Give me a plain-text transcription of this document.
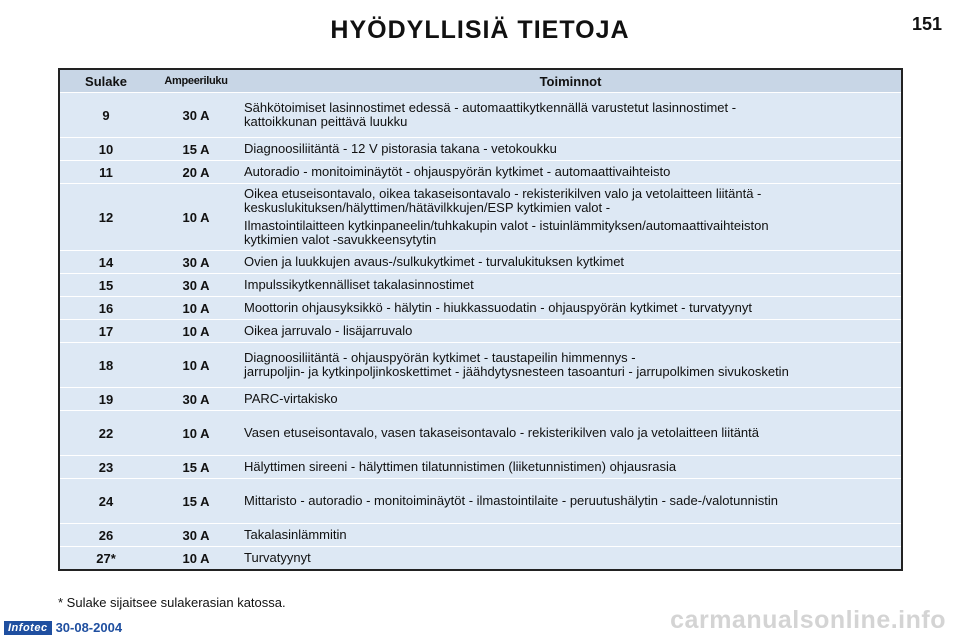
HYÖDYLLISIÄ TIETOJA	151
Sulake	Ampeeriluku	Toiminnot
9	30 A	Sähkötoimiset lasinnostimet edessä - automaattikytkennällä varustetut lasinnostimet -
kattoikkunan peittävä luukku

10	15 A	Diagnoosiliitäntä - 12 V pistorasia takana - vetokoukku

11	20 A	Autoradio - monitoiminäytöt - ohjauspyörän kytkimet - automaattivaihteisto

12	10 A	Oikea etuseisontavalo, oikea takaseisontavalo - rekisterikilven valo ja vetolaitteen liitäntä -
keskuslukituksen/hälyttimen/hätävilkkujen/ESP kytkimien valot -
Ilmastointilaitteen kytkinpaneelin/tuhkakupin valot - istuinlämmityksen/automaattivaihteiston
kytkimien valot -savukkeensytytin

14	30 A	Ovien ja luukkujen avaus-/sulkukytkimet - turvalukituksen kytkimet

15	30 A	Impulssikytkennälliset takalasinnostimet

16	10 A	Moottorin ohjausyksikkö - hälytin - hiukkassuodatin - ohjauspyörän kytkimet - turvatyynyt

17	10 A	Oikea jarruvalo - lisäjarruvalo

18	10 A	Diagnoosiliitäntä - ohjauspyörän kytkimet - taustapeilin himmennys -
jarrupoljin- ja kytkinpoljinkoskettimet - jäähdytysnesteen tasoanturi - jarrupolkimen sivukosketin

19	30 A	PARC-virtakisko

22	10 A	Vasen etuseisontavalo, vasen takaseisontavalo - rekisterikilven valo ja vetolaitteen liitäntä

23	15 A	Hälyttimen sireeni - hälyttimen tilatunnistimen (liiketunnistimen) ohjausrasia

24	15 A	Mittaristo - autoradio - monitoiminäytöt - ilmastointilaite - peruutushälytin - sade-/valotunnistin

26	30 A	Takalasinlämmitin

27*	10 A	Turvatyynyt
* Sulake sijaitsee sulakerasian katossa.
Infotec 30-08-2004	carmanualsonline.info
